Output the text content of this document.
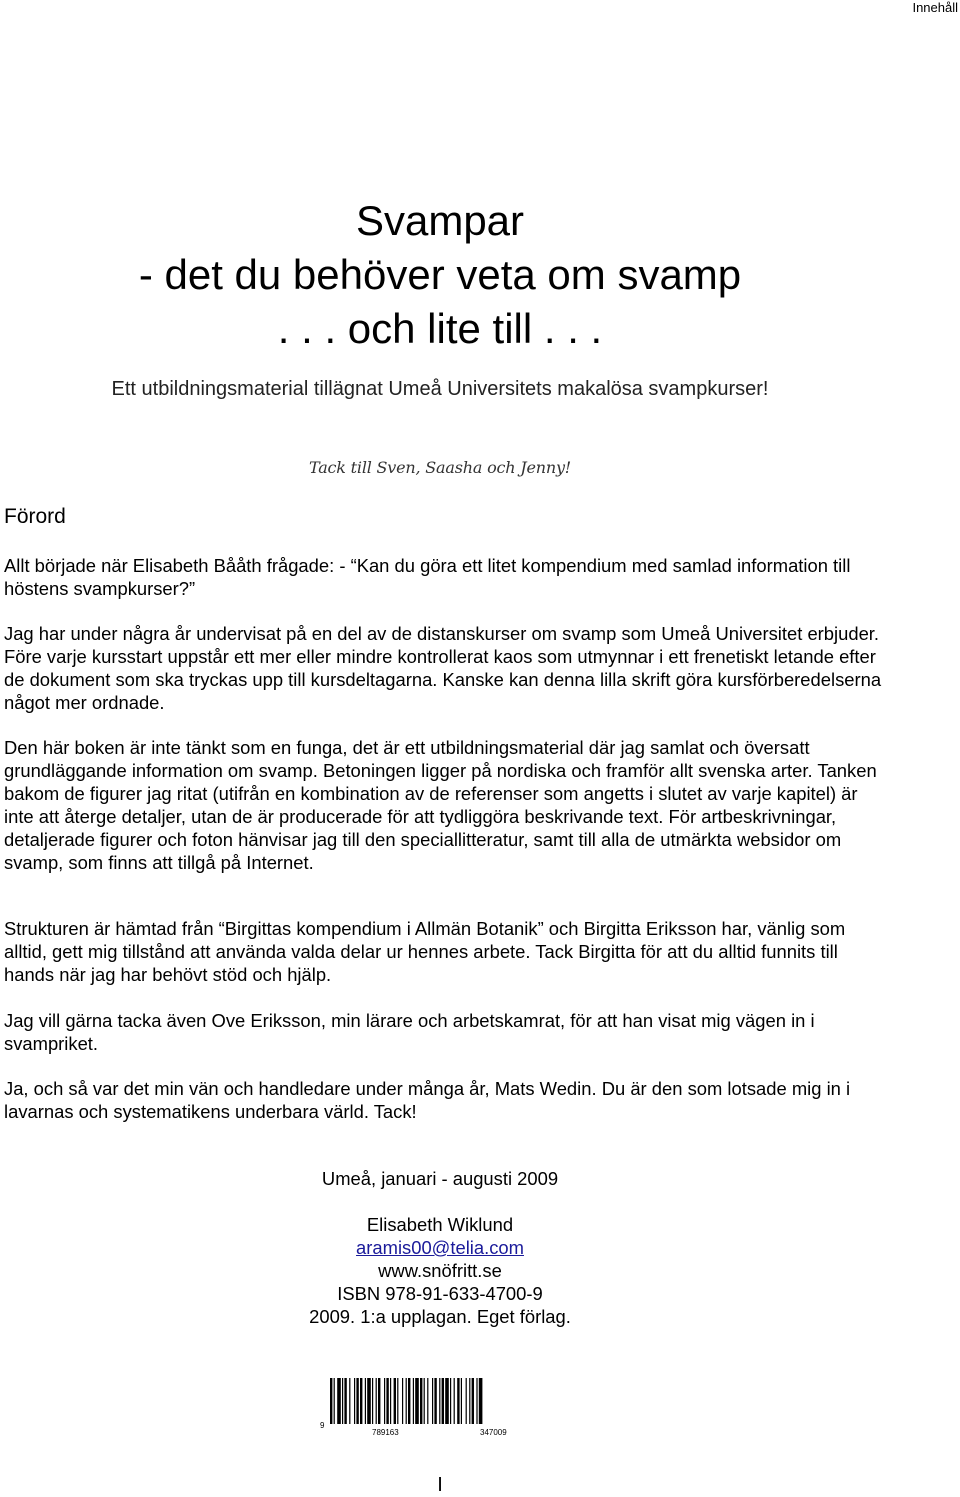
Innehåll
Svampar
- det du behöver veta om svamp
. . . och lite till . . .
Ett utbildningsmaterial tillägnat Umeå Universitets makalösa svampkurser!
Tack till Sven, Saasha och Jenny!
Förord

Allt började när Elisabeth Bååth frågade: - “Kan du göra ett litet kompendium med samlad information till höstens svampkurser?”

Jag har under några år undervisat på en del av de distanskurser om svamp som Umeå Universitet erbjuder. Före varje kursstart uppstår ett mer eller mindre kontrollerat kaos som utmynnar i ett frenetiskt letande efter de dokument som ska tryckas upp till kursdeltagarna. Kanske kan denna lilla skrift göra kursförberedelserna något mer ordnade.

Den här boken är inte tänkt som en funga, det är ett utbildningsmaterial där jag samlat och översatt grundläggande information om svamp. Betoningen ligger på nordiska och framför allt svenska arter. Tanken bakom de figurer jag ritat (utifrån en kombination av de referenser som angetts i slutet av varje kapitel) är inte att återge detaljer, utan de är producerade för att tydliggöra beskrivande text. För artbeskrivningar, detaljerade figurer och foton hänvisar jag till den speciallitteratur, samt till alla de utmärkta websidor om svamp, som finns att tillgå på Internet.

Strukturen är hämtad från “Birgittas kompendium i Allmän Botanik” och Birgitta Eriksson har, vänlig som alltid, gett mig tillstånd att använda valda delar ur hennes arbete. Tack Birgitta för att du alltid funnits till hands när jag har behövt stöd och hjälp.

Jag vill gärna tacka även Ove Eriksson, min lärare och arbetskamrat, för att han visat mig vägen in i svampriket.

Ja, och så var det min vän och handledare under många år, Mats Wedin. Du är den som lotsade mig in i lavarnas och systematikens underbara värld. Tack!

Umeå, januari - augusti 2009
Elisabeth Wiklund
aramis00@telia.com
www.snöfritt.se
ISBN 978-91-633-4700-9
2009. 1:a upplagan. Eget förlag.
9
789163	347009
I
